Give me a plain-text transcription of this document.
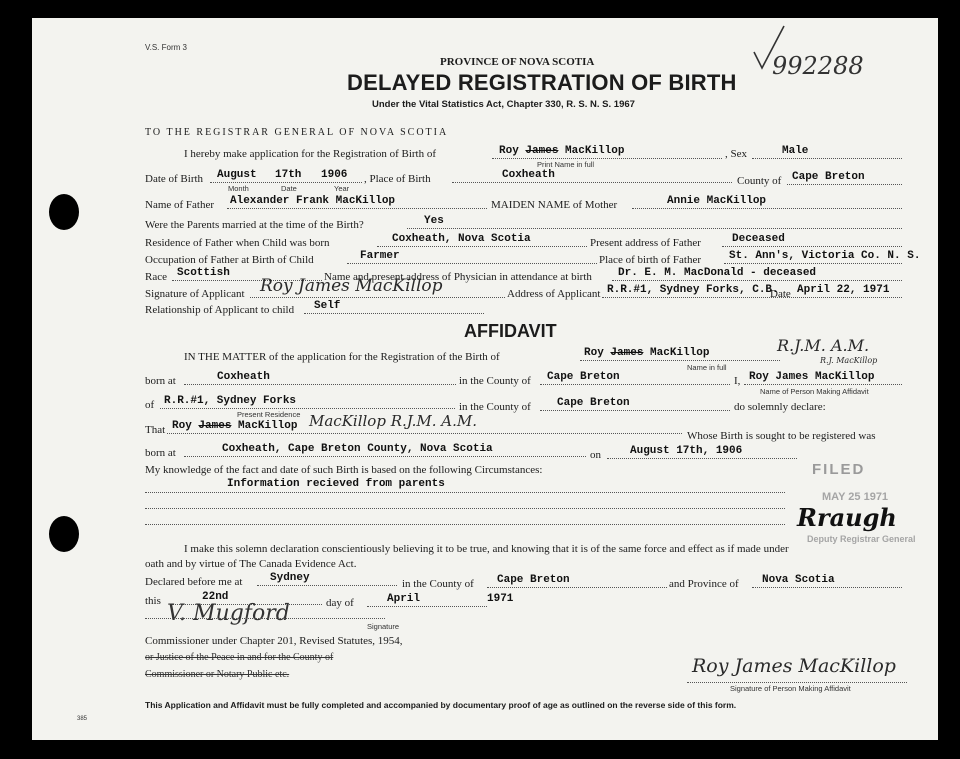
V.S. Form 3
992288
PROVINCE OF NOVA SCOTIA
DELAYED REGISTRATION OF BIRTH
Under the Vital Statistics Act, Chapter 330, R. S. N. S. 1967
TO THE REGISTRAR GENERAL OF NOVA SCOTIA
I hereby make application for the Registration of Birth of	Roy James MacKillop
Print Name in full
, Sex	Male
Date of Birth August 17th 1906
Month	Date	Year
, Place of Birth	Coxheath	County of Cape Breton
Name of Father Alexander Frank MacKillop	MAIDEN NAME of Mother	Annie MacKillop
Were the Parents married at the time of the Birth?	Yes
Residence of Father when Child was born	Coxheath, Nova Scotia	Present address of Father	Deceased
Occupation of Father at Birth of Child	Farmer	Place of birth of Father	St. Ann's, Victoria Co. N. S.
Race Scottish	Name and present address of Physician in attendance at birth Dr. E. M. MacDonald - deceased
Signature of Applicant Roy James MacKillop	Address of Applicant R.R.#1, Sydney Forks, C.B.
Date April 22, 1971
Relationship of Applicant to child Self
AFFIDAVIT
R.J.M. A.M.
R.J. MacKillop
IN THE MATTER of the application for the Registration of the Birth of	Roy James MacKillop
Name in full
born at	Coxheath	in the County of Cape Breton	I, Roy James MacKillop
Name of Person Making Affidavit
of R.R.#1, Sydney Forks
Present Residence
in the County of Cape Breton	do solemnly declare:
That Roy James MacKillop MacKillop R.J.M. A.M.
Whose Birth is sought to be registered was
born at	Coxheath, Cape Breton County, Nova Scotia	on	August 17th, 1906
My knowledge of the fact and date of such Birth is based on the following Circumstances:
Information recieved from parents
FILED
MAY 25 1971
Deputy Registrar General
Rraugh
I make this solemn declaration conscientiously believing it to be true, and knowing that it is of the same force and effect as if made under
oath and by virtue of The Canada Evidence Act.
Declared before me at	Sydney	in the County of Cape Breton	and Province of Nova Scotia
this	22nd	day of	April	1971
V. Mugford
Signature
Commissioner under Chapter 201, Revised Statutes, 1954,
or Justice of the Peace in and for the County of
Commissioner or Notary Public etc.	Roy James MacKillop
Signature of Person Making Affidavit
This Application and Affidavit must be fully completed and accompanied by documentary proof of age as outlined on the reverse side of this form.
385
